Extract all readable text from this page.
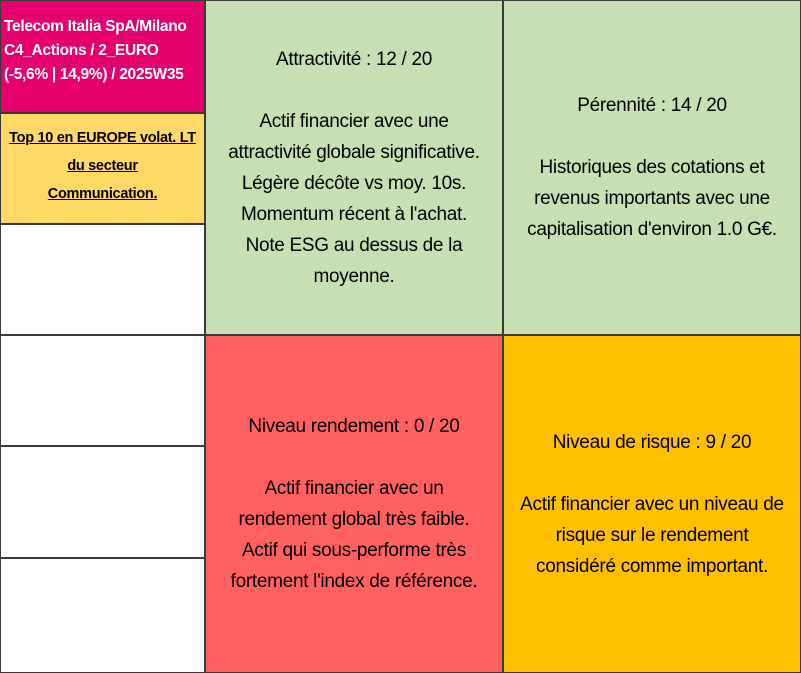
Telecom Italia SpA/Milano
C4_Actions / 2_EURO
(-5,6% | 14,9%) / 2025W35
Top 10 en EUROPE volat. LT
du secteur
Communication.
Attractivité : 12 / 20
Actif financier avec une
attractivité globale significative.
Légère décôte vs moy. 10s.
Momentum récent à l'achat.
Note ESG au dessus de la
moyenne.
Pérennité : 14 / 20
Historiques des cotations et
revenus importants avec une
capitalisation d'environ 1.0 G€.
Niveau rendement : 0 / 20
Actif financier avec un
rendement global très faible.
Actif qui sous-performe très
fortement l'index de référence.
Niveau de risque : 9 / 20
Actif financier avec un niveau de
risque sur le rendement
considéré comme important.
